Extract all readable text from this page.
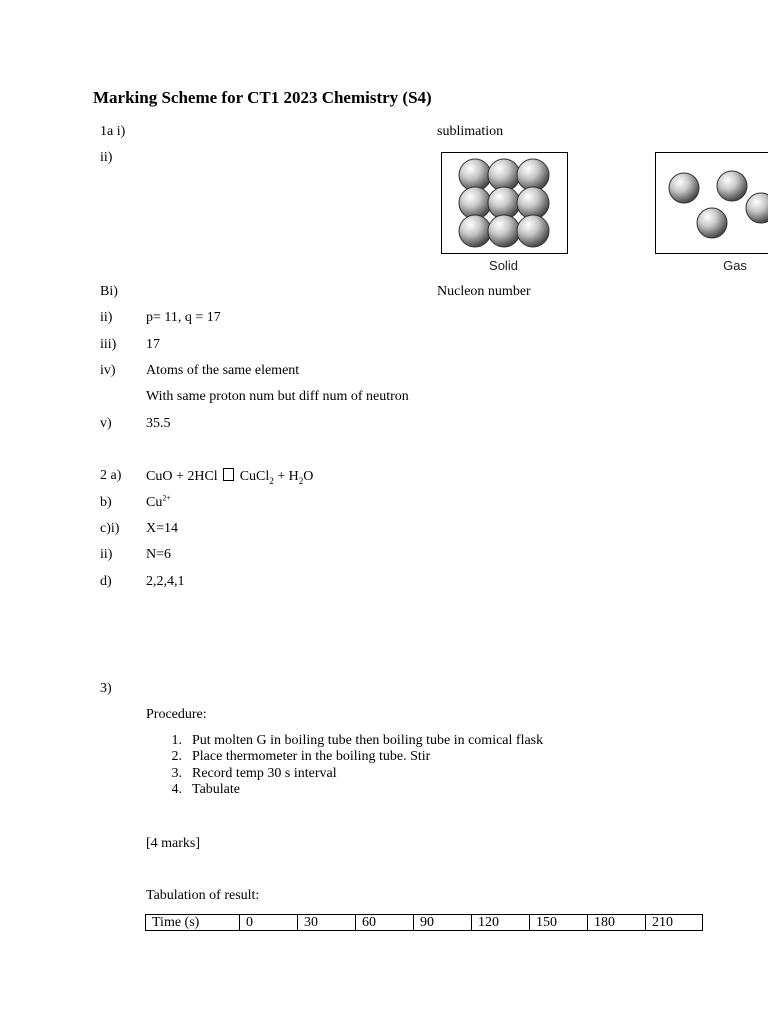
Marking Scheme for CT1 2023 Chemistry (S4)
1a i)	sublimation
ii)
Solid	Gas
Bi)	Nucleon number
ii) p= 11, q = 17
iii) 17
iv) Atoms of the same element
With same proton num but diff num of neutron
v) 35.5
2 a) CuO + 2HCl CuCl$_2$ + $H_2O$
b) $Cu^{2+}$
c)i) X=14
ii) N=6
d) 2,2,4,1
3)
Procedure:
1. Put molten G in boiling tube then boiling tube in comical flask
2. Place thermometer in the boiling tube. Stir
3. Record temp 30 s interval
4. Tabulate
[4 marks]
Tabulation of result:
Time (s)	0	30	60	90	120	150	180	210
